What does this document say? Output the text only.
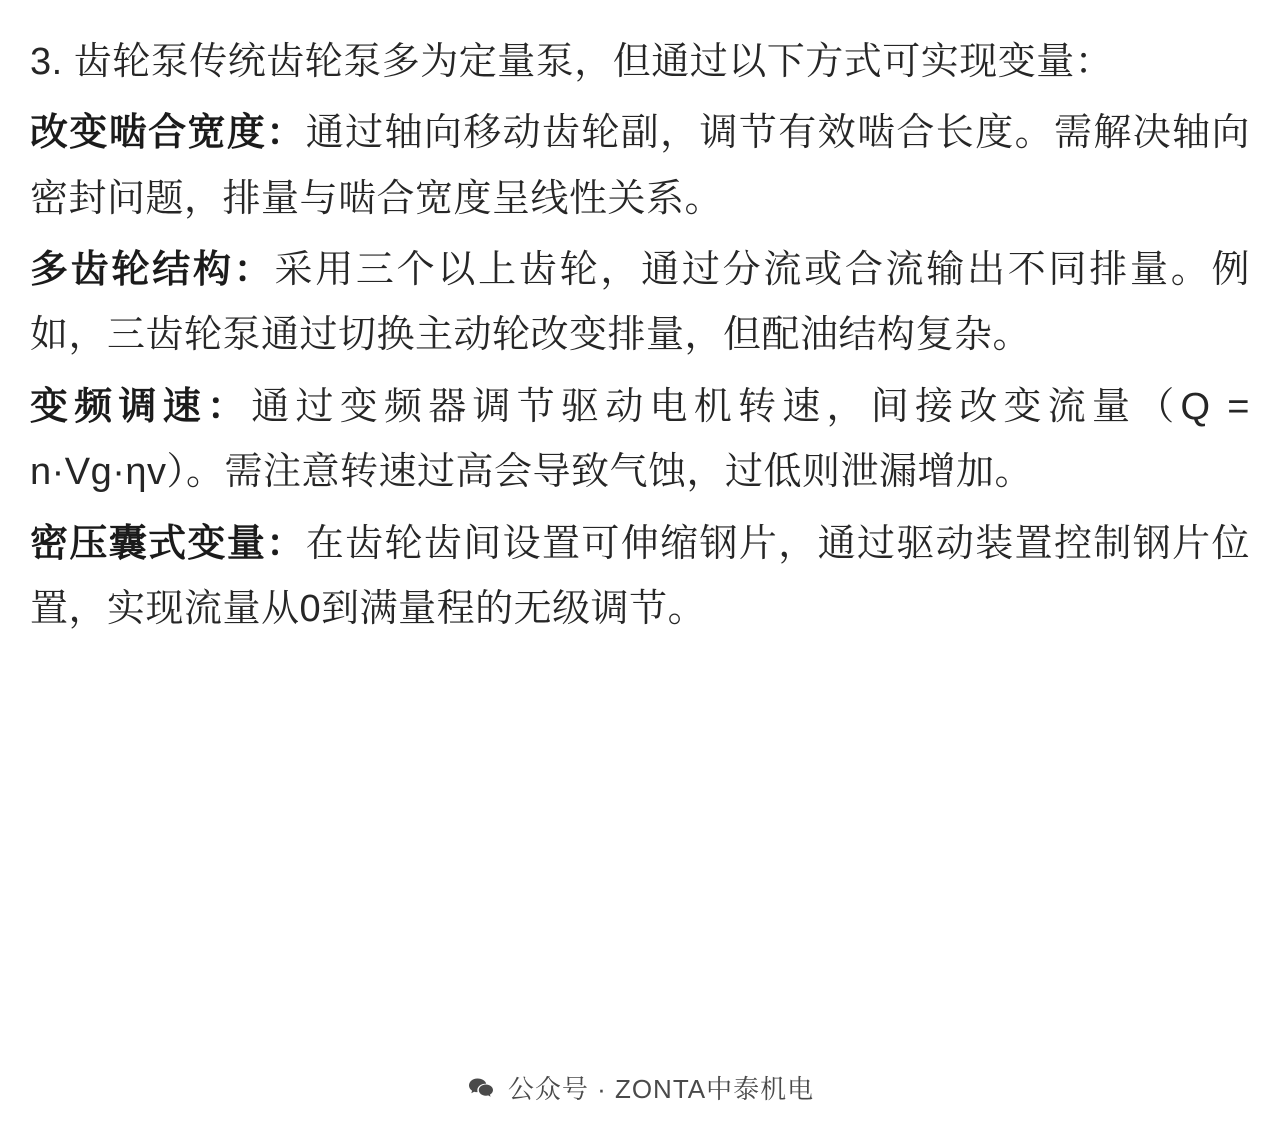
3. 齿轮泵传统齿轮泵多为定量泵，但通过以下方式可实现变量：

改变啮合宽度：通过轴向移动齿轮副，调节有效啮合长度。需解决轴向密封问题，排量与啮合宽度呈线性关系。

多齿轮结构：采用三个以上齿轮，通过分流或合流输出不同排量。例如，三齿轮泵通过切换主动轮改变排量，但配油结构复杂。

变频调速：通过变频器调节驱动电机转速，间接改变流量（Q = n·Vg·ηv）。需注意转速过高会导致气蚀，过低则泄漏增加。

密压囊式变量：在齿轮齿间设置可伸缩钢片，通过驱动装置控制钢片位置，实现流量从0到满量程的无级调节。

公众号 · ZONTA中泰机电
